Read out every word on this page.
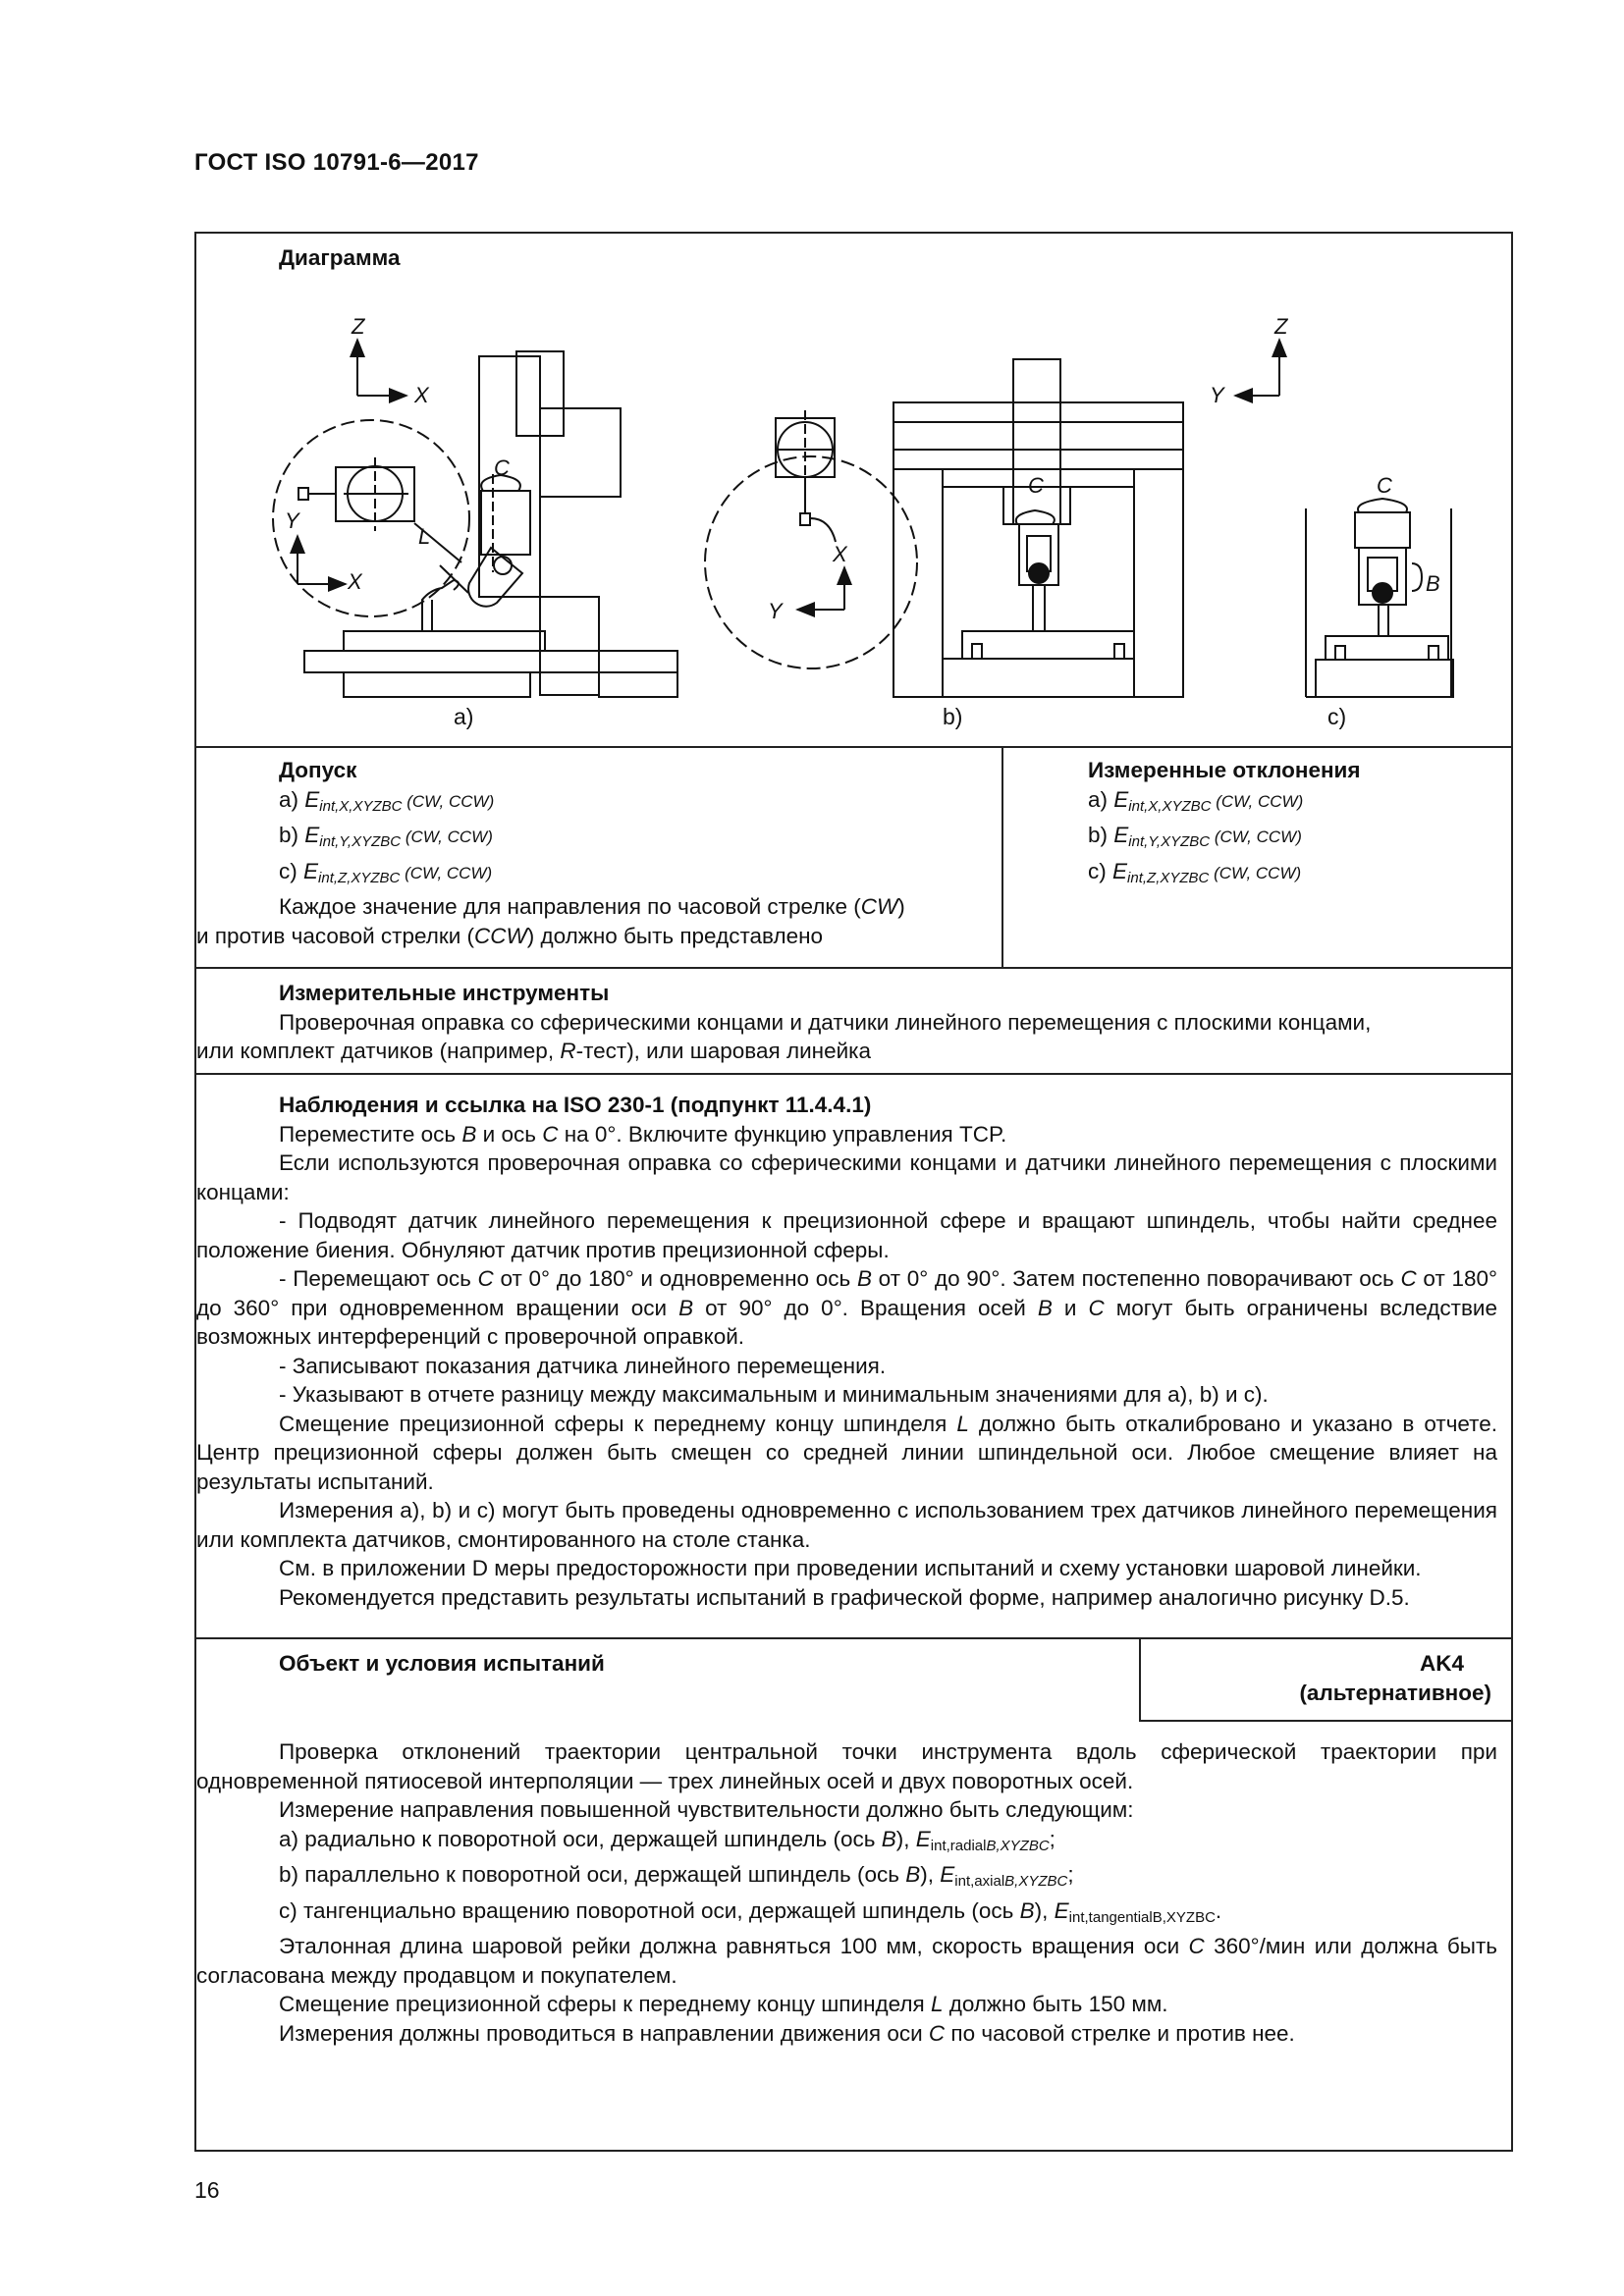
ГОСТ ISO 10791-6—2017
Диаграмма
Z
X
Y
X
C
L
a)
X
Y
C
b)
Z
Y
C
B
c)
Допуск
a) Eint,X,XYZBC (CW, CCW)
b) Eint,Y,XYZBC (CW, CCW)
c) Eint,Z,XYZBC (CW, CCW)
Каждое значение для направления по часовой стрелке (CW)
и против часовой стрелки (CCW) должно быть представлено
Измеренные отклонения
a) Eint,X,XYZBC (CW, CCW)
b) Eint,Y,XYZBC (CW, CCW)
c) Eint,Z,XYZBC (CW, CCW)
Измерительные инструменты
Проверочная оправка со сферическими концами и датчики линейного перемещения с плоскими концами,
или комплект датчиков (например, R-тест), или шаровая линейка
Наблюдения и ссылка на ISO 230-1 (подпункт 11.4.4.1)

Переместите ось B и ось C на 0°. Включите функцию управления TCP.

Если используются проверочная оправка со сферическими концами и датчики линейного перемещения с плоскими концами:

- Подводят датчик линейного перемещения к прецизионной сфере и вращают шпиндель, чтобы найти среднее положение биения. Обнуляют датчик против прецизионной сферы.

- Перемещают ось C от 0° до 180° и одновременно ось B от 0° до 90°. Затем постепенно поворачивают ось C от 180° до 360° при одновременном вращении оси B от 90° до 0°. Вращения осей B и C могут быть ограничены вследствие возможных интерференций с проверочной оправкой.

- Записывают показания датчика линейного перемещения.

- Указывают в отчете разницу между максимальным и минимальным значениями для a), b) и c).

Смещение прецизионной сферы к переднему концу шпинделя L должно быть откалибровано и указано в отчете. Центр прецизионной сферы должен быть смещен со средней линии шпиндельной оси. Любое смещение влияет на результаты испытаний.

Измерения a), b) и c) могут быть проведены одновременно с использованием трех датчиков линейного перемещения или комплекта датчиков, смонтированного на столе станка.

См. в приложении D меры предосторожности при проведении испытаний и схему установки шаровой линейки.

Рекомендуется представить результаты испытаний в графической форме, например аналогично рисунку D.5.

Объект и условия испытаний	AK4
(альтернативное)

Проверка отклонений траектории центральной точки инструмента вдоль сферической траектории при одновременной пятиосевой интерполяции — трех линейных осей и двух поворотных осей.

Измерение направления повышенной чувствительности должно быть следующим:

a) радиально к поворотной оси, держащей шпиндель (ось B), $E_{int,radial}B,XYZBC$;

b) параллельно к поворотной оси, держащей шпиндель (ось B), $E_{int,axial}B,XYZBC$;

c) тангенциально вращению поворотной оси, держащей шпиндель (ось B), $E_{int,tangentialB,XYZBC}$.

Эталонная длина шаровой рейки должна равняться 100 мм, скорость вращения оси C 360°/мин или должна быть согласована между продавцом и покупателем.

Смещение прецизионной сферы к переднему концу шпинделя L должно быть 150 мм.

Измерения должны проводиться в направлении движения оси C по часовой стрелке и против нее.

16
